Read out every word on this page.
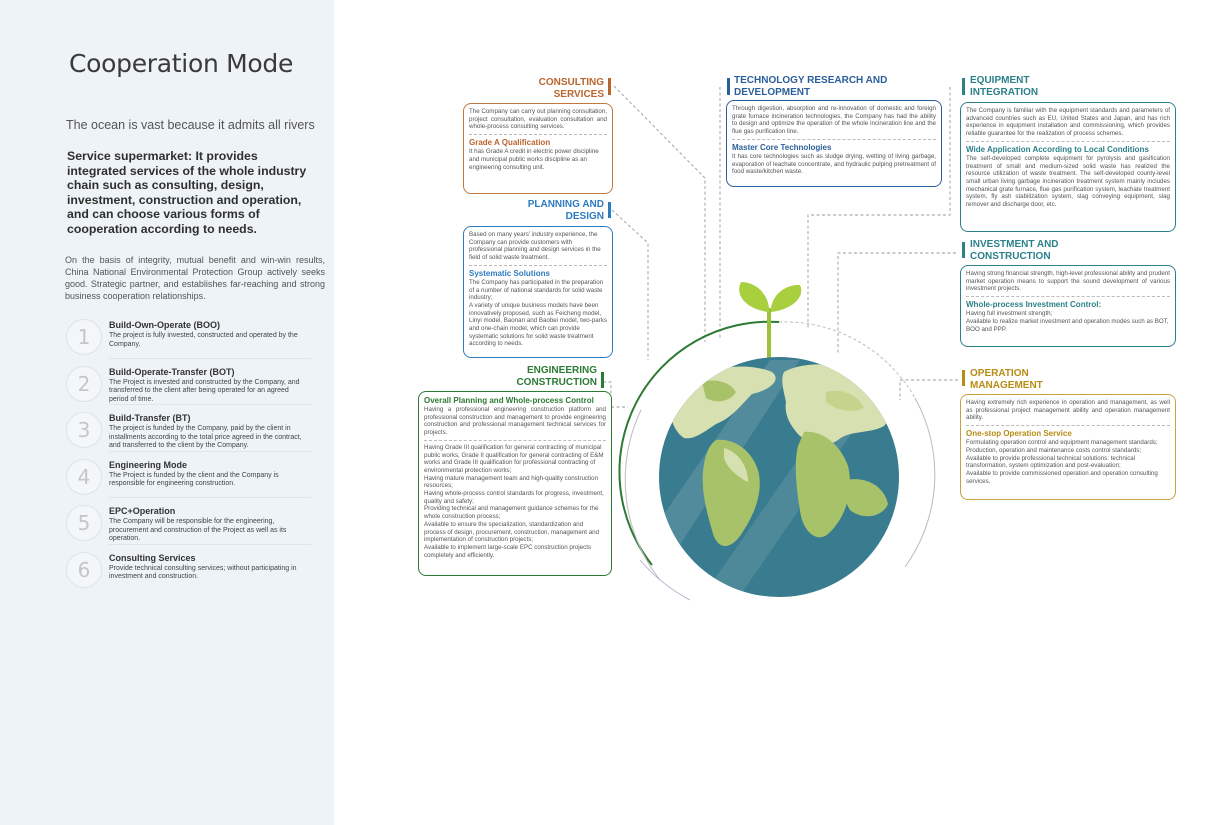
Cooperation Mode
The ocean is vast because it admits all rivers
Service supermarket: It provides integrated services of the whole industry chain such as consulting, design, investment, construction and operation, and can choose various forms of cooperation according to needs.
On the basis of integrity, mutual benefit and win-win results, China National Environmental Protection Group actively seeks good. Strategic partner, and establishes far-reaching and strong business cooperation relationships.
1	Build-Own-Operate (BOO)
The project is fully invested, constructed and operated by the Company.
2	Build-Operate-Transfer (BOT)
The Project is invested and constructed by the Company, and transferred to the client after being operated for an agreed period of time.
3	Build-Transfer (BT)
The project is funded by the Company, paid by the client in installments according to the total price agreed in the contract, and transferred to the client by the Company.
4	Engineering Mode
The Project is funded by the client and the Company is responsible for engineering construction.
5	EPC+Operation
The Company will be responsible for the engineering, procurement and construction of the Project as well as its operation.
6	Consulting Services
Provide technical consulting services; without participating in investment and construction.
CONSULTING
SERVICES

The Company can carry out planning consultation, project consultation, evaluation consultation and whole-process consulting services.

Grade A Qualification

It has Grade A credit in electric power discipline and municipal public works discipline as an engineering consulting unit.

PLANNING AND
DESIGN

Based on many years' industry experience, the Company can provide customers with professional planning and design services in the field of solid waste treatment.

Systematic Solutions

The Company has participated in the preparation of a number of national standards for solid waste industry;
A variety of unique business models have been innovatively proposed, such as Feicheng model, Linyi model, Baonan and Baobei model, two-parks and one-chain model, which can provide systematic solutions for solid waste treatment according to needs.

ENGINEERING
CONSTRUCTION
Overall Planning and Whole-process Control

Having a professional engineering construction platform and professional construction and management to provide engineering construction and professional management technical services for projects.

Having Grade III qualification for general contracting of municipal public works, Grade II qualification for general contracting of E&M works and Grade III qualification for professional contracting of environmental protection works;
Having mature management team and high-quality construction resources;
Having whole-process control standards for progress, investment, quality and safety;
Providing technical and management guidance schemes for the whole construction process;
Available to ensure the specialization, standardization and process of design, procurement, construction, management and implementation of construction projects;
Available to implement large-scale EPC construction projects completely and efficiently.

TECHNOLOGY RESEARCH AND
DEVELOPMENT

Through digestion, absorption and re-innovation of domestic and foreign grate furnace incineration technologies, the Company has had the ability to design and optimize the operation of the whole incineration line and the flue gas purification line.

Master Core Technologies

It has core technologies such as sludge drying, wetting of living garbage, evaporation of leachate concentrate, and hydraulic pulping pretreatment of food waste/kitchen waste.

EQUIPMENT
INTEGRATION

The Company is familiar with the equipment standards and parameters of advanced countries such as EU, United States and Japan, and has rich experience in equipment installation and commissioning, which provides reliable guarantee for the realization of process schemes.

Wide Application According to Local Conditions

The self-developed complete equipment for pyrolysis and gasification treatment of small and medium-sized solid waste has realized the resource utilization of waste treatment. The self-developed county-level small urban living garbage incineration treatment system mainly includes mechanical grate furnace, flue gas purification system, leachate treatment system, fly ash stabilization system, slag conveying equipment, slag remover and discharge door, etc.

INVESTMENT AND
CONSTRUCTION

Having strong financial strength, high-level professional ability and prudent market operation means to support the sound development of various investment projects.

Whole-process Investment Control:

Having full investment strength;
Available to realize market investment and operation modes such as BOT, BOO and PPP.

OPERATION
MANAGEMENT

Having extremely rich experience in operation and management, as well as professional project management ability and operation management ability.

One-stop Operation Service

Formulating operation control and equipment management standards;
Production, operation and maintenance costs control standards;
Available to provide professional technical solutions: technical transformation, system optimization and post-evaluation;
Available to provide commissioned operation and operation consulting services.
